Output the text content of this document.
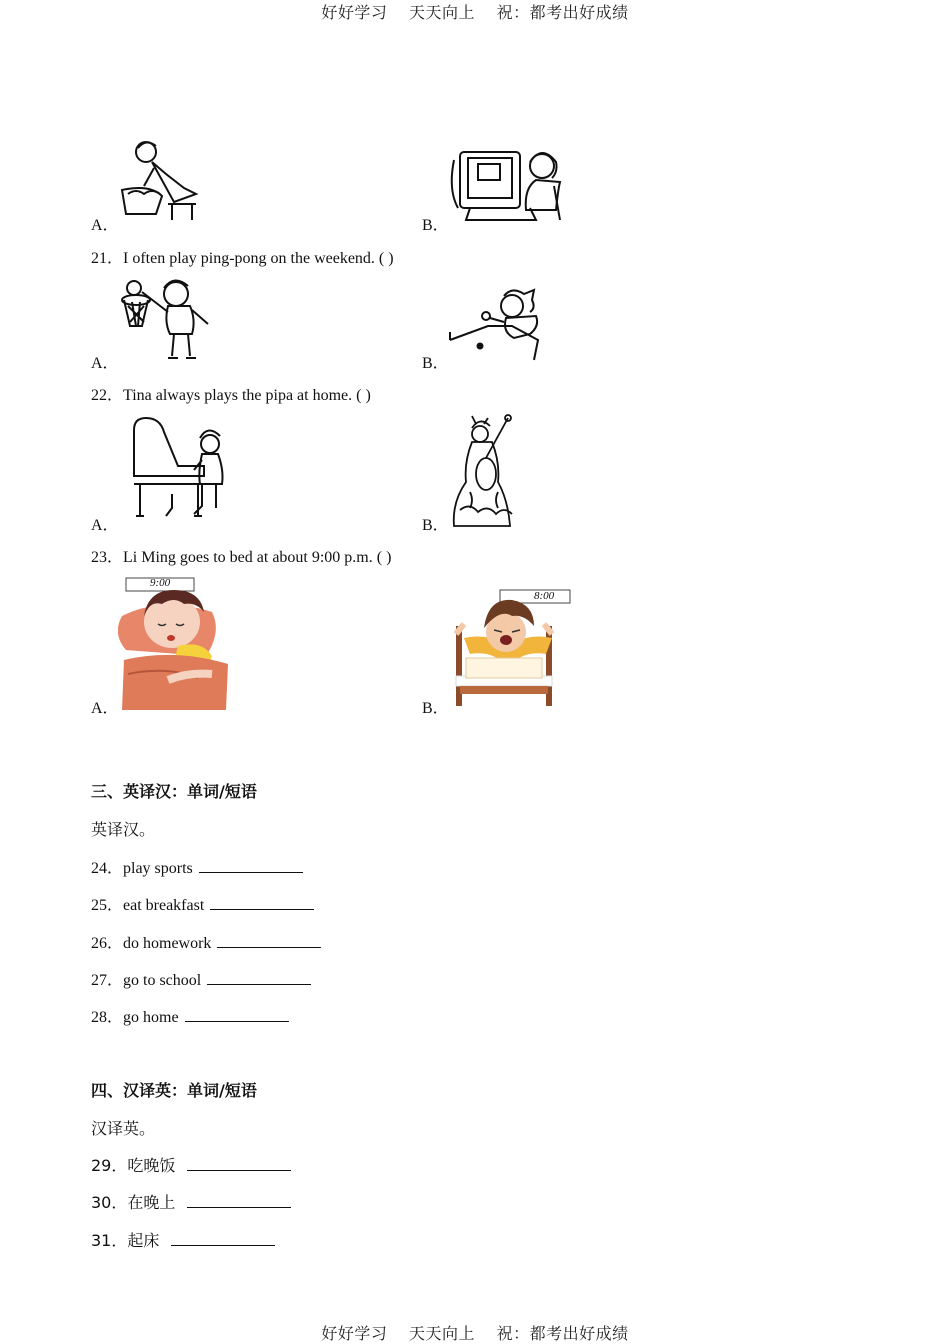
好好学习 天天向上 祝：都考出好成绩
A．	B．
21．I often play ping-pong on the weekend. ( )
A．	B．
22．Tina always plays the pipa at home. ( )
A．	B．
23．Li Ming goes to bed at about 9:00 p.m. ( )
9:00
8:00
A．	B．
三、英译汉：单词/短语
英译汉。
24．play sports
25．eat breakfast
26．do homework
27．go to school
28．go home
四、汉译英：单词/短语
汉译英。
29．吃晚饭
30．在晚上
31．起床
好好学习 天天向上 祝：都考出好成绩
